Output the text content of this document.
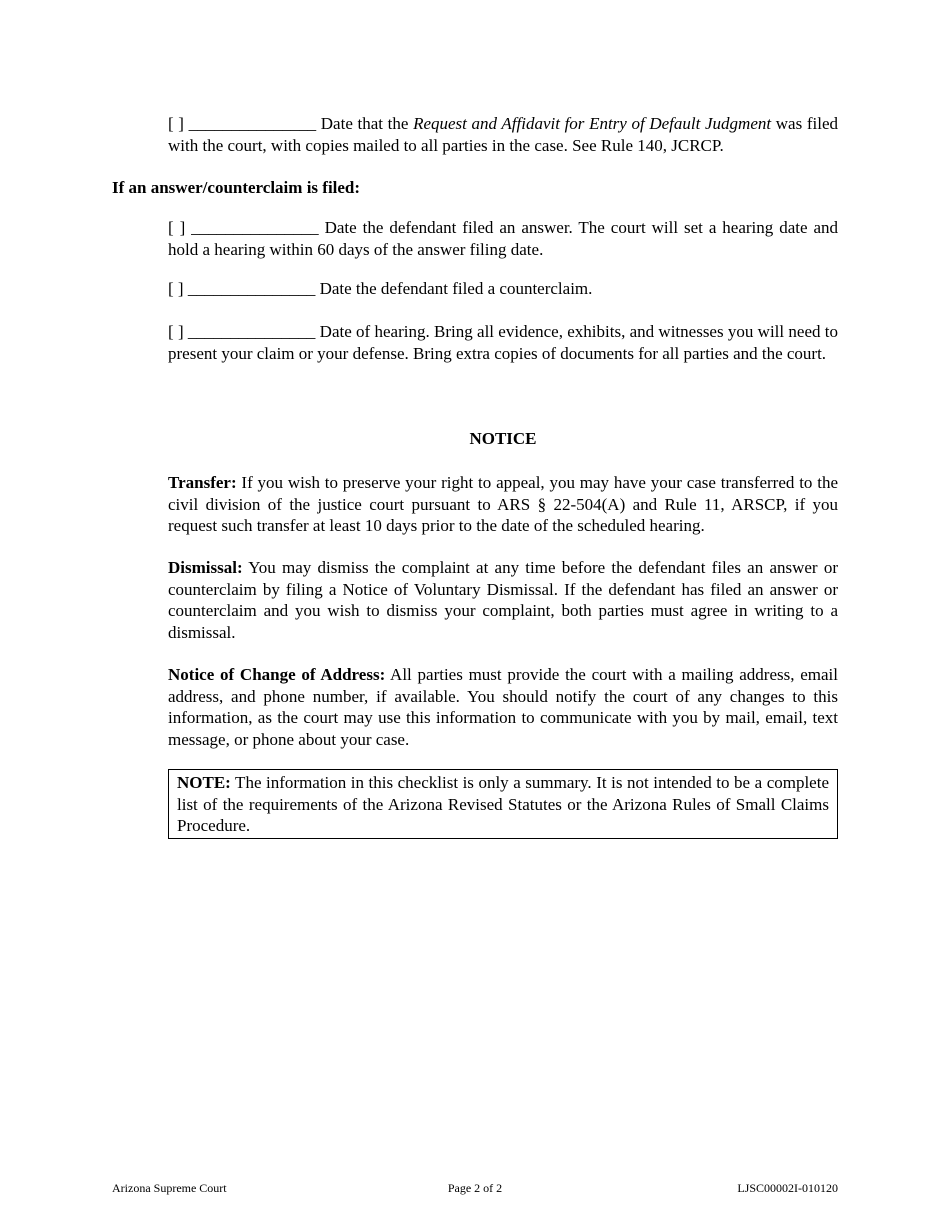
[ ] _______________ Date that the Request and Affidavit for Entry of Default Judgment was filed with the court, with copies mailed to all parties in the case. See Rule 140, JCRCP.

If an answer/counterclaim is filed:

[ ] _______________ Date the defendant filed an answer. The court will set a hearing date and hold a hearing within 60 days of the answer filing date.

[ ] _______________ Date the defendant filed a counterclaim.

[ ] _______________ Date of hearing. Bring all evidence, exhibits, and witnesses you will need to present your claim or your defense. Bring extra copies of documents for all parties and the court.

NOTICE

Transfer: If you wish to preserve your right to appeal, you may have your case transferred to the civil division of the justice court pursuant to ARS § 22-504(A) and Rule 11, ARSCP, if you request such transfer at least 10 days prior to the date of the scheduled hearing.

Dismissal: You may dismiss the complaint at any time before the defendant files an answer or counterclaim by filing a Notice of Voluntary Dismissal. If the defendant has filed an answer or counterclaim and you wish to dismiss your complaint, both parties must agree in writing to a dismissal.

Notice of Change of Address: All parties must provide the court with a mailing address, email address, and phone number, if available. You should notify the court of any changes to this information, as the court may use this information to communicate with you by mail, email, text message, or phone about your case.

NOTE: The information in this checklist is only a summary. It is not intended to be a complete list of the requirements of the Arizona Revised Statutes or the Arizona Rules of Small Claims Procedure.

Arizona Supreme Court	Page 2 of 2	LJSC00002I-010120
